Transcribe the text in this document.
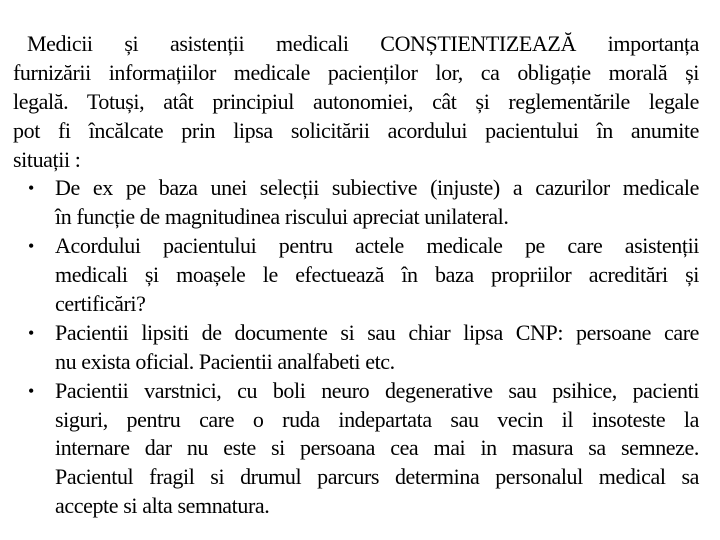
Medicii și asistenții medicali CONȘTIENTIZEAZĂ importanța
furnizării informațiilor medicale pacienților lor, ca obligație morală și
legală. Totuși, atât principiul autonomiei, cât și reglementările legale
pot fi încălcate prin lipsa solicitării acordului pacientului în anumite
situații :
• De ex pe baza unei selecții subiective (injuste) a cazurilor medicale
în funcție de magnitudinea riscului apreciat unilateral.
• Acordului pacientului pentru actele medicale pe care asistenții
medicali și moașele le efectuează în baza propriilor acreditări și
certificări?
• Pacientii lipsiti de documente si sau chiar lipsa CNP: persoane care
nu exista oficial. Pacientii analfabeti etc.
• Pacientii varstnici, cu boli neuro degenerative sau psihice, pacienti
siguri, pentru care o ruda indepartata sau vecin il insoteste la
internare dar nu este si persoana cea mai in masura sa semneze.
Pacientul fragil si drumul parcurs determina personalul medical sa
accepte si alta semnatura.
